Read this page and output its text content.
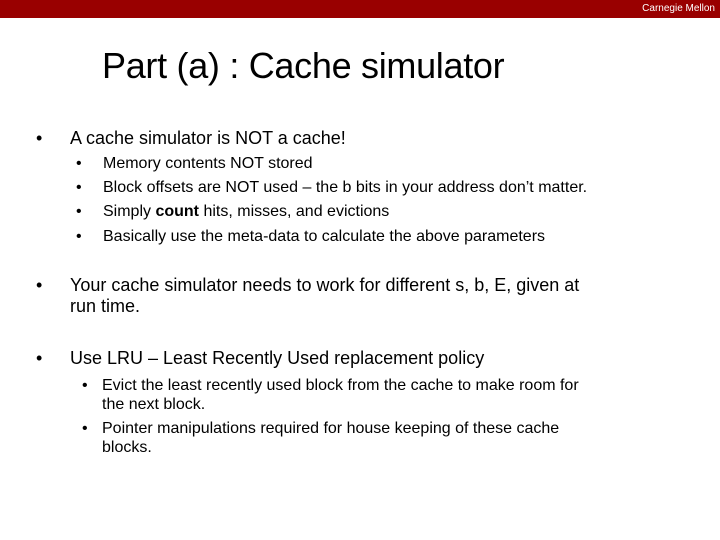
Carnegie Mellon
Part (a) : Cache simulator
• A cache simulator is NOT a cache!
• Memory contents NOT stored
• Block offsets are NOT used – the b bits in your address don’t matter.
• Simply count hits, misses, and evictions
• Basically use the meta-data to calculate the above parameters
• Your cache simulator needs to work for different s, b, E, given at
run time.
• Use LRU – Least Recently Used replacement policy
• Evict the least recently used block from the cache to make room for
the next block.
• Pointer manipulations required for house keeping of these cache
blocks.
